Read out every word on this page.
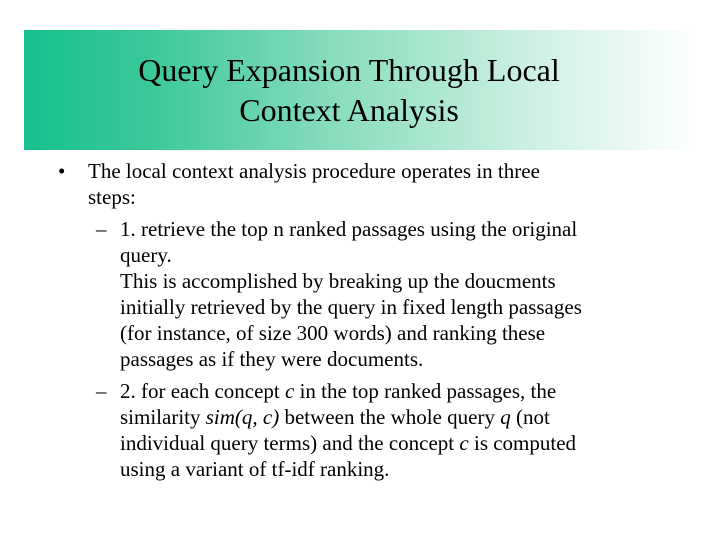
Query Expansion Through Local
Context Analysis
• The local context analysis procedure operates in three
steps:
– 1. retrieve the top n ranked passages using the original
query.
This is accomplished by breaking up the doucments
initially retrieved by the query in fixed length passages
(for instance, of size 300 words) and ranking these
passages as if they were documents.
– 2. for each concept c in the top ranked passages, the
similarity sim(q, c) between the whole query q (not
individual query terms) and the concept c is computed
using a variant of tf-idf ranking.
